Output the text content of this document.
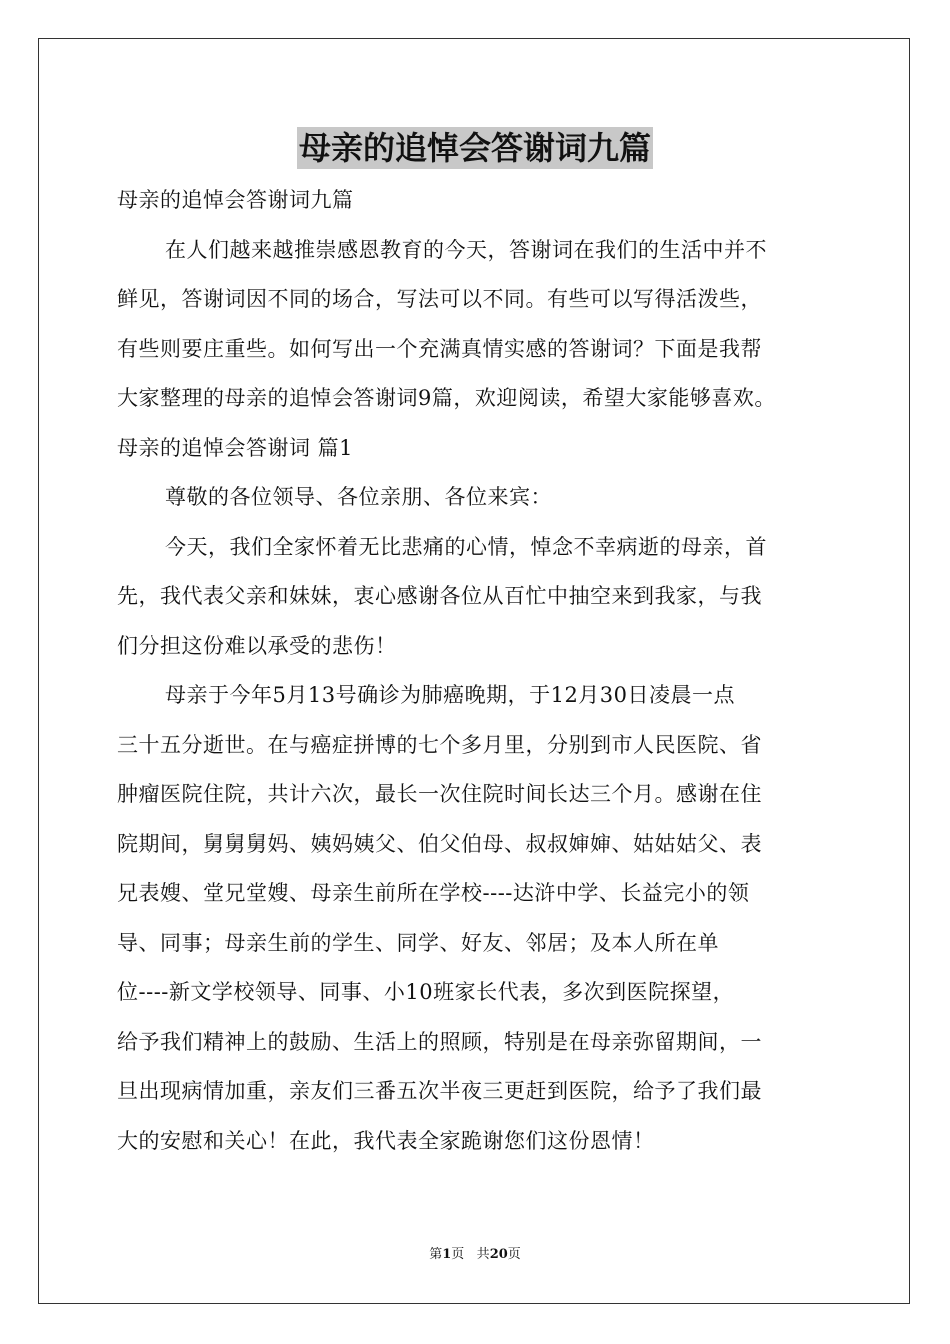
母亲的追悼会答谢词九篇
母亲的追悼会答谢词九篇
在人们越来越推崇感恩教育的今天，答谢词在我们的生活中并不
鲜见，答谢词因不同的场合，写法可以不同。有些可以写得活泼些，
有些则要庄重些。如何写出一个充满真情实感的答谢词？下面是我帮
大家整理的母亲的追悼会答谢词9篇，欢迎阅读，希望大家能够喜欢。
母亲的追悼会答谢词 篇1
尊敬的各位领导、各位亲朋、各位来宾：
今天，我们全家怀着无比悲痛的心情，悼念不幸病逝的母亲，首
先，我代表父亲和妹妹，衷心感谢各位从百忙中抽空来到我家，与我
们分担这份难以承受的悲伤！
母亲于今年5月13号确诊为肺癌晚期，于12月30日凌晨一点
三十五分逝世。在与癌症拼博的七个多月里，分别到市人民医院、省
肿瘤医院住院，共计六次，最长一次住院时间长达三个月。感谢在住
院期间，舅舅舅妈、姨妈姨父、伯父伯母、叔叔婶婶、姑姑姑父、表
兄表嫂、堂兄堂嫂、母亲生前所在学校----达浒中学、长益完小的领
导、同事；母亲生前的学生、同学、好友、邻居；及本人所在单
位----新文学校领导、同事、小10班家长代表，多次到医院探望，
给予我们精神上的鼓励、生活上的照顾，特别是在母亲弥留期间，一
旦出现病情加重，亲友们三番五次半夜三更赶到医院，给予了我们最
大的安慰和关心！在此，我代表全家跪谢您们这份恩情！
第1页 共20页
